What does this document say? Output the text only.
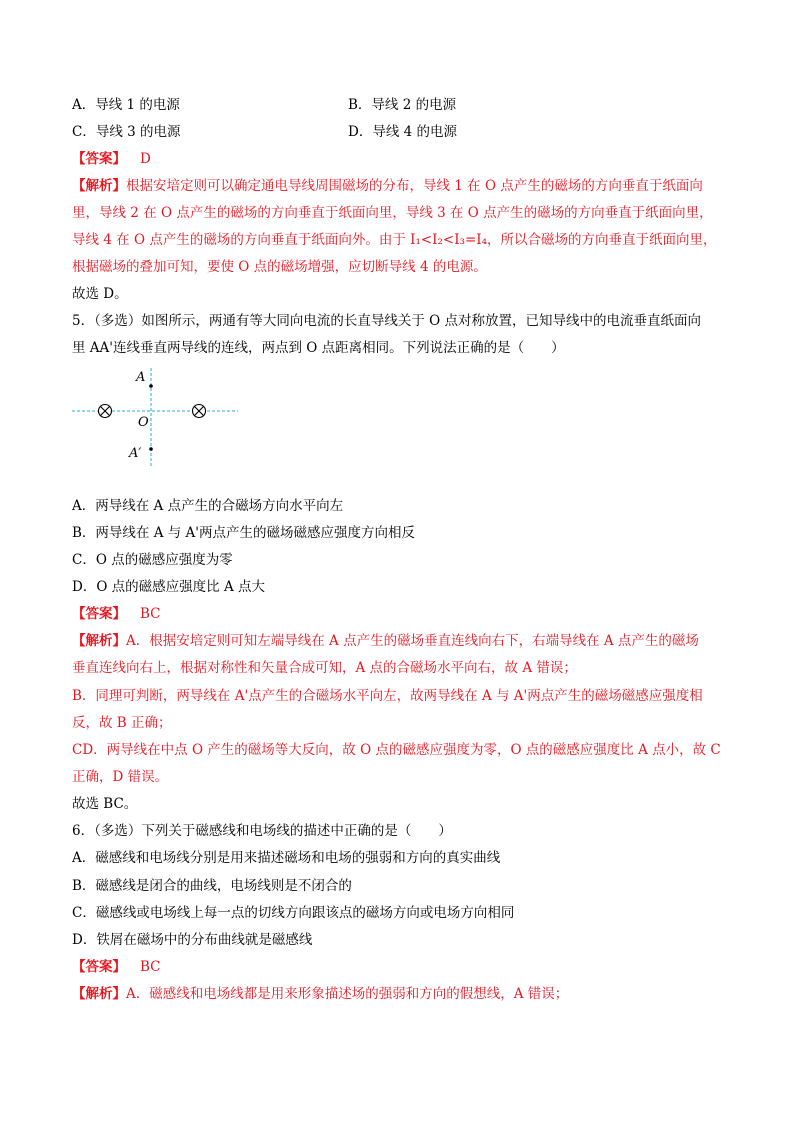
A．导线 1 的电源	B．导线 2 的电源
C．导线 3 的电源	D．导线 4 的电源
【答案】 D
【解析】根据安培定则可以确定通电导线周围磁场的分布，导线 1 在 O 点产生的磁场的方向垂直于纸面向
里，导线 2 在 O 点产生的磁场的方向垂直于纸面向里，导线 3 在 O 点产生的磁场的方向垂直于纸面向里，
导线 4 在 O 点产生的磁场的方向垂直于纸面向外。由于 I₁<I₂<I₃=I₄，所以合磁场的方向垂直于纸面向里，
根据磁场的叠加可知，要使 O 点的磁场增强，应切断导线 4 的电源。
故选 D。
5．（多选）如图所示，两通有等大同向电流的长直导线关于 O 点对称放置，已知导线中的电流垂直纸面向
里 AA'连线垂直两导线的连线，两点到 O 点距离相同。下列说法正确的是（　　）
A
O
A′
A．两导线在 A 点产生的合磁场方向水平向左
B．两导线在 A 与 A'两点产生的磁场磁感应强度方向相反
C．O 点的磁感应强度为零
D．O 点的磁感应强度比 A 点大
【答案】 BC
【解析】A．根据安培定则可知左端导线在 A 点产生的磁场垂直连线向右下，右端导线在 A 点产生的磁场
垂直连线向右上，根据对称性和矢量合成可知，A 点的合磁场水平向右，故 A 错误；
B．同理可判断，两导线在 A'点产生的合磁场水平向左，故两导线在 A 与 A'两点产生的磁场磁感应强度相
反，故 B 正确；
CD．两导线在中点 O 产生的磁场等大反向，故 O 点的磁感应强度为零，O 点的磁感应强度比 A 点小，故 C
正确，D 错误。
故选 BC。
6．（多选）下列关于磁感线和电场线的描述中正确的是（　　）
A．磁感线和电场线分别是用来描述磁场和电场的强弱和方向的真实曲线
B．磁感线是闭合的曲线，电场线则是不闭合的
C．磁感线或电场线上每一点的切线方向跟该点的磁场方向或电场方向相同
D．铁屑在磁场中的分布曲线就是磁感线
【答案】 BC
【解析】A．磁感线和电场线都是用来形象描述场的强弱和方向的假想线，A 错误；
